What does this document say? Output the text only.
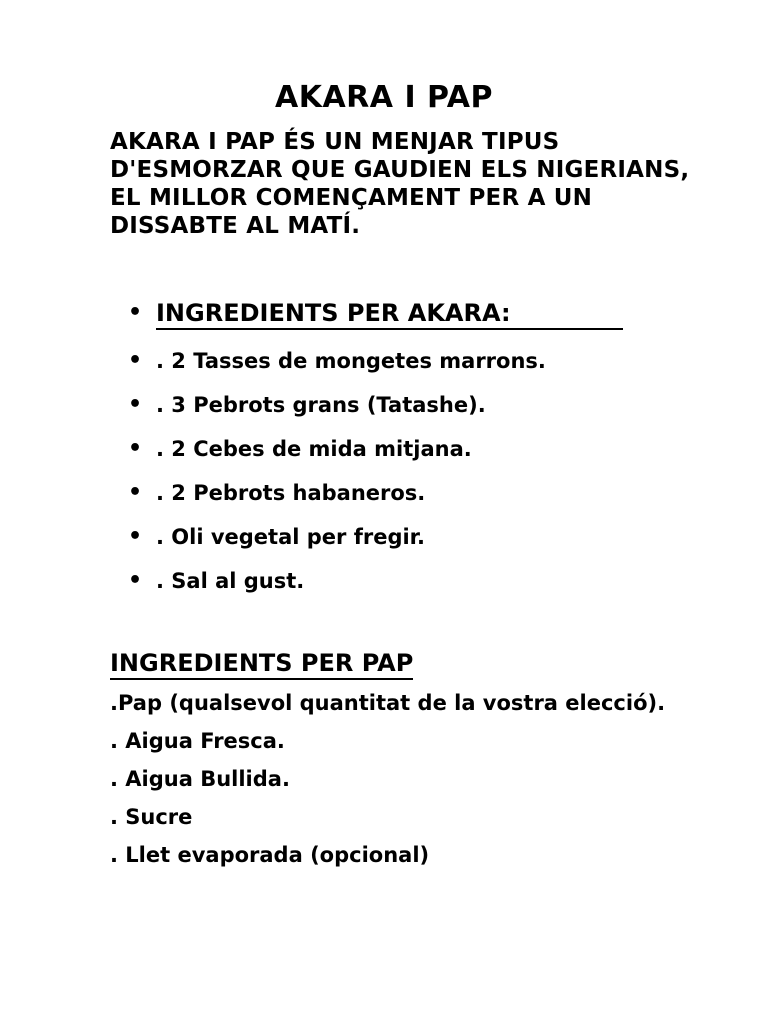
AKARA I PAP
AKARA I PAP ÉS UN MENJAR TIPUS D'ESMORZAR QUE GAUDIEN ELS NIGERIANS, EL MILLOR COMENÇAMENT PER A UN DISSABTE AL MATÍ.
• INGREDIENTS PER AKARA:
• . 2 Tasses de mongetes marrons.
• . 3 Pebrots grans (Tatashe).
• . 2 Cebes de mida mitjana.
• . 2 Pebrots habaneros.
• . Oli vegetal per fregir.
• . Sal al gust.
INGREDIENTS PER PAP
.Pap (qualsevol quantitat de la vostra elecció).
. Aigua Fresca.
. Aigua Bullida.
. Sucre
. Llet evaporada (opcional)
